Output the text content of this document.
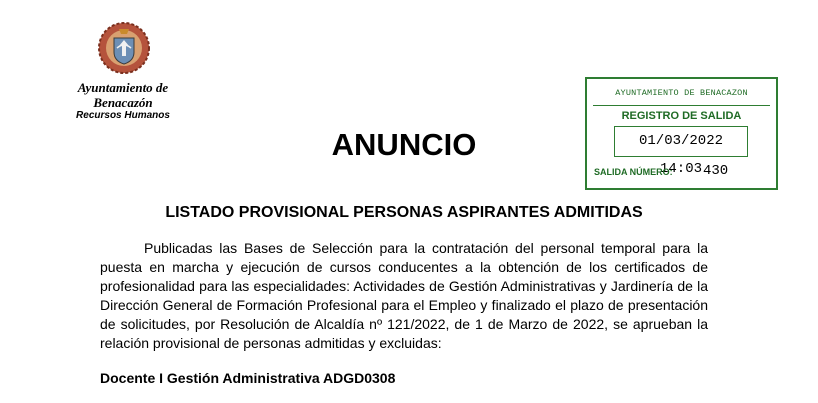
Ayuntamiento de
Benacazón
Recursos Humanos
AYUNTAMIENTO DE BENACAZON
REGISTRO DE SALIDA
01/03/2022 14:03
SALIDA NÚMERO: 430
ANUNCIO
LISTADO PROVISIONAL PERSONAS ASPIRANTES ADMITIDAS
Publicadas las Bases de Selección para la contratación del personal temporal para la puesta en marcha y ejecución de cursos conducentes a la obtención de los certificados de profesionalidad para las especialidades: Actividades de Gestión Administrativas y Jardinería de la Dirección General de Formación Profesional para el Empleo y finalizado el plazo de presentación de solicitudes, por Resolución de Alcaldía nº 121/2022, de 1 de Marzo de 2022, se aprueban la relación provisional de personas admitidas y excluidas:
Docente I Gestión Administrativa ADGD0308
